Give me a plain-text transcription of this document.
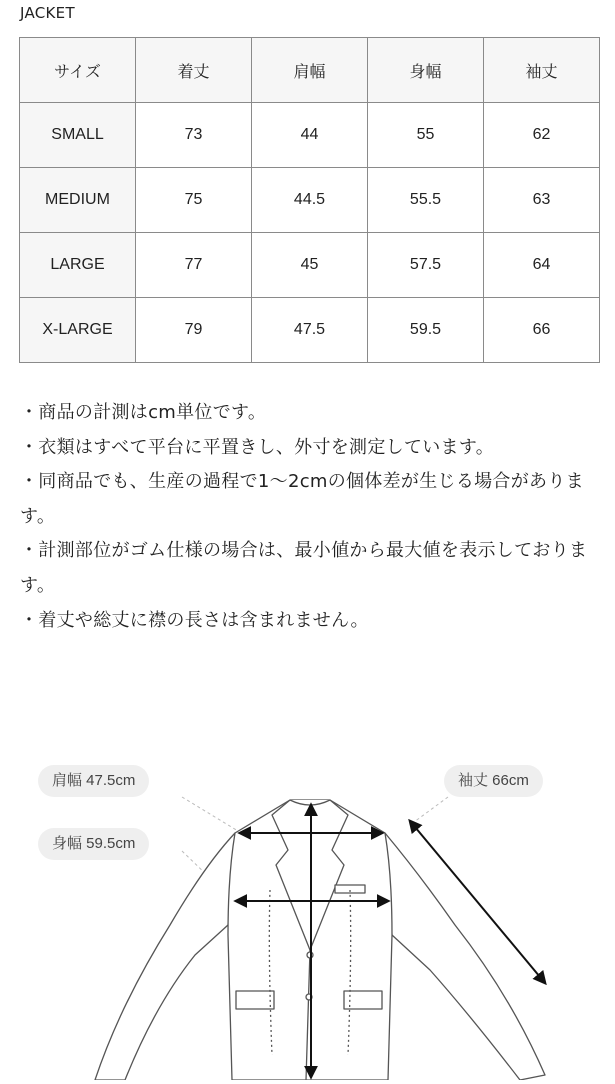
JACKET
サイズ	着丈	肩幅	身幅	袖丈
SMALL	73	44	55	62
MEDIUM	75	44.5	55.5	63
LARGE	77	45	57.5	64
X-LARGE	79	47.5	59.5	66

・商品の計測はcm単位です。

・衣類はすべて平台に平置きし、外寸を測定しています。

・同商品でも、生産の過程で1〜2cmの個体差が生じる場合があります。

・計測部位がゴム仕様の場合は、最小値から最大値を表示しております。

・着丈や総丈に襟の長さは含まれません。

肩幅 47.5cm
身幅 59.5cm
袖丈 66cm
